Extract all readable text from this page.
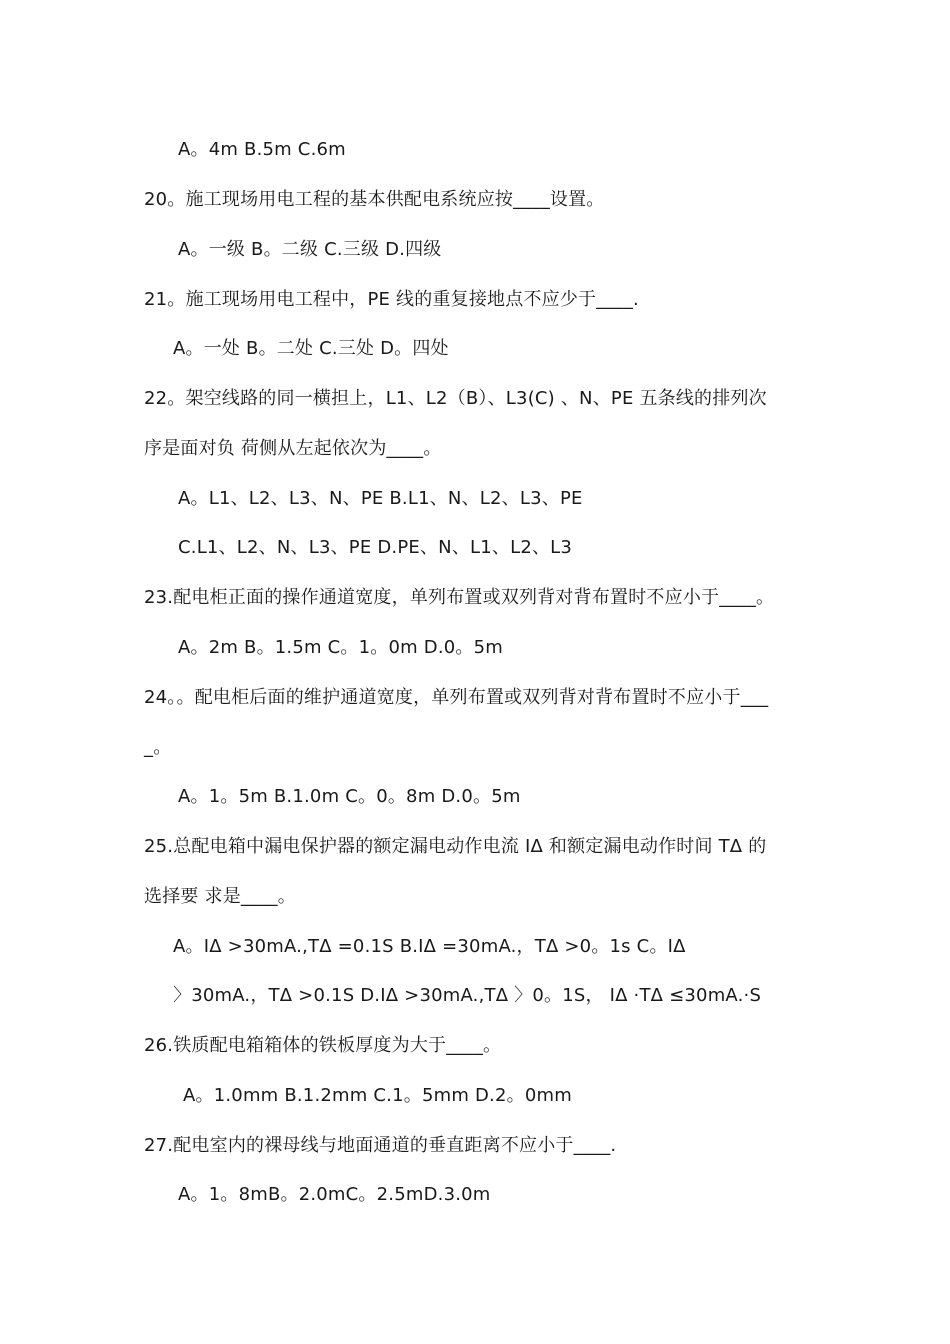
A。4m B.5m C.6m
20。施工现场用电工程的基本供配电系统应按____设置。
A。一级 B。二级 C.三级 D.四级
21。施工现场用电工程中，PE 线的重复接地点不应少于____.
A。一处 B。二处 C.三处 D。四处
22。架空线路的同一横担上，L1、L2（B）、L3(C) 、N、PE 五条线的排列次
序是面对负 荷侧从左起依次为____。
A。L1、L2、L3、N、PE B.L1、N、L2、L3、PE
C.L1、L2、N、L3、PE D.PE、N、L1、L2、L3
23.配电柜正面的操作通道宽度，单列布置或双列背对背布置时不应小于____。
A。2m B。1.5m C。1。0m D.0。5m
24。。配电柜后面的维护通道宽度，单列布置或双列背对背布置时不应小于___
_。
A。1。5m B.1.0m C。0。8m D.0。5m
25.总配电箱中漏电保护器的额定漏电动作电流 IΔ 和额定漏电动作时间 TΔ 的
选择要 求是____。
A。IΔ >30mA.,TΔ =0.1S B.IΔ =30mA.，TΔ >0。1s C。IΔ
〉30mA.，TΔ >0.1S D.IΔ >30mA.,TΔ 〉0。1S， IΔ ·TΔ ≤30mA.·S
26.铁质配电箱箱体的铁板厚度为大于____。
A。1.0mm B.1.2mm C.1。5mm D.2。0mm
27.配电室内的裸母线与地面通道的垂直距离不应小于____.
A。1。8mB。2.0mC。2.5mD.3.0m
